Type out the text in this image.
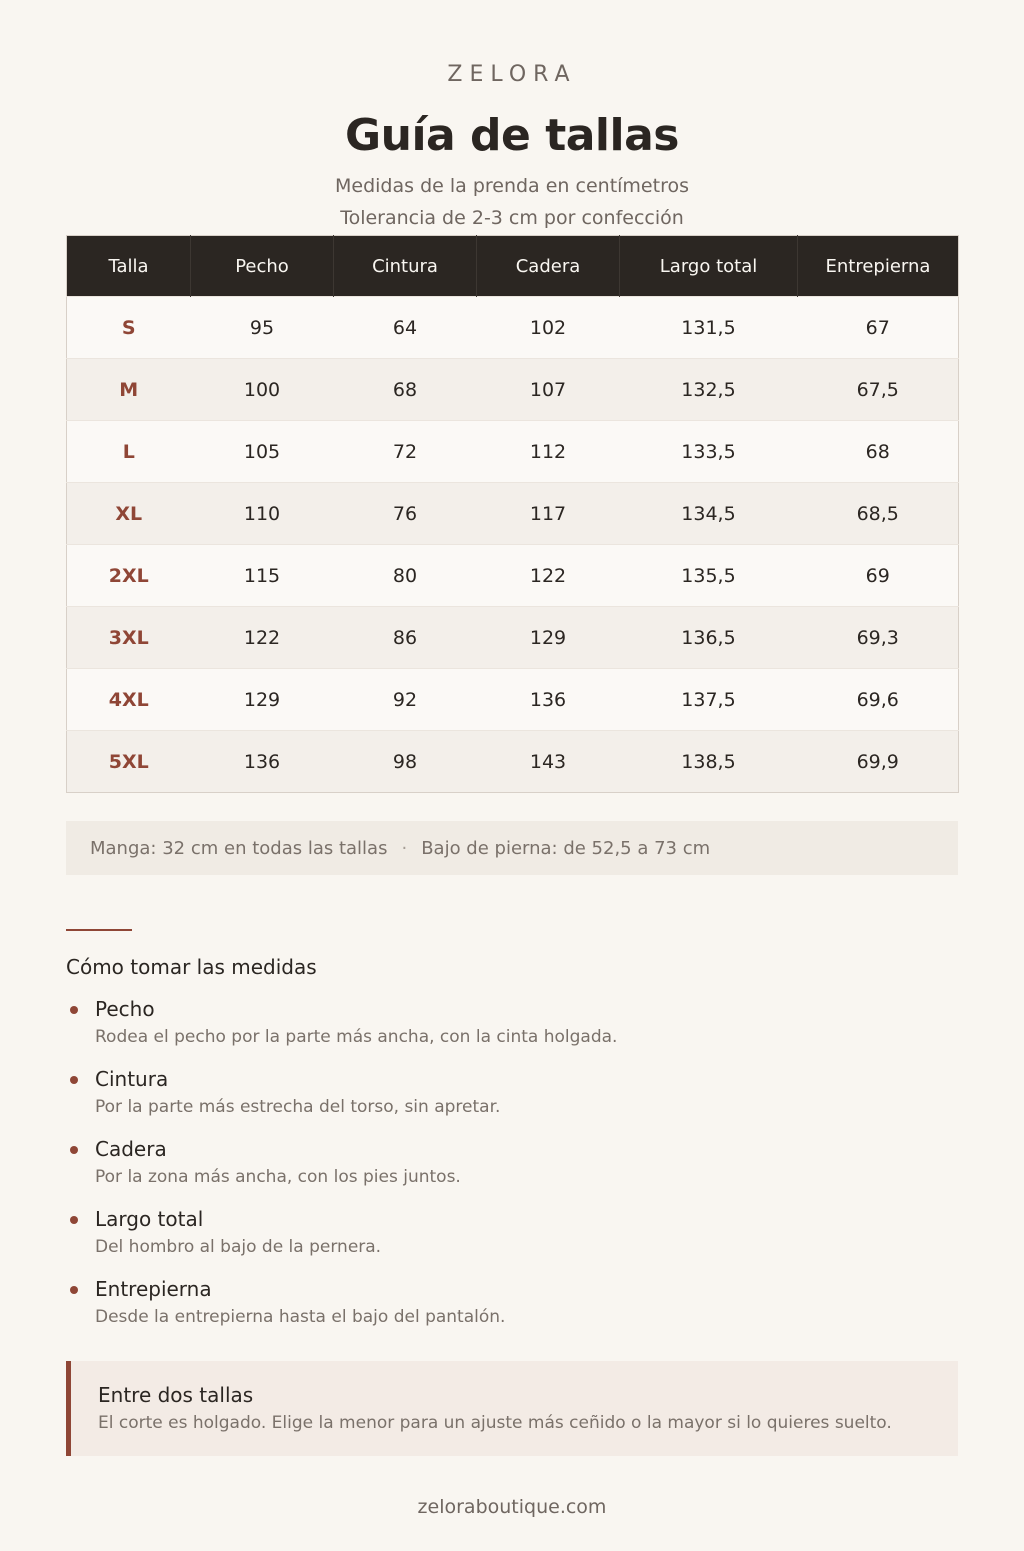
ZELORA
Guía de tallas
Medidas de la prenda en centímetros
Tolerancia de 2-3 cm por confección
Talla	Pecho	Cintura	Cadera	Largo total	Entrepierna
S	95	64	102	131,5	67
M	100	68	107	132,5	67,5
L	105	72	112	133,5	68
XL	110	76	117	134,5	68,5
2XL	115	80	122	135,5	69
3XL	122	86	129	136,5	69,3
4XL	129	92	136	137,5	69,6
5XL	136	98	143	138,5	69,9
Manga: 32 cm en todas las tallas · Bajo de pierna: de 52,5 a 73 cm
Cómo tomar las medidas
Pecho
Rodea el pecho por la parte más ancha, con la cinta holgada.
Cintura
Por la parte más estrecha del torso, sin apretar.
Cadera
Por la zona más ancha, con los pies juntos.
Largo total
Del hombro al bajo de la pernera.
Entrepierna
Desde la entrepierna hasta el bajo del pantalón.
Entre dos tallas
El corte es holgado. Elige la menor para un ajuste más ceñido o la mayor si lo quieres suelto.
zeloraboutique.com
